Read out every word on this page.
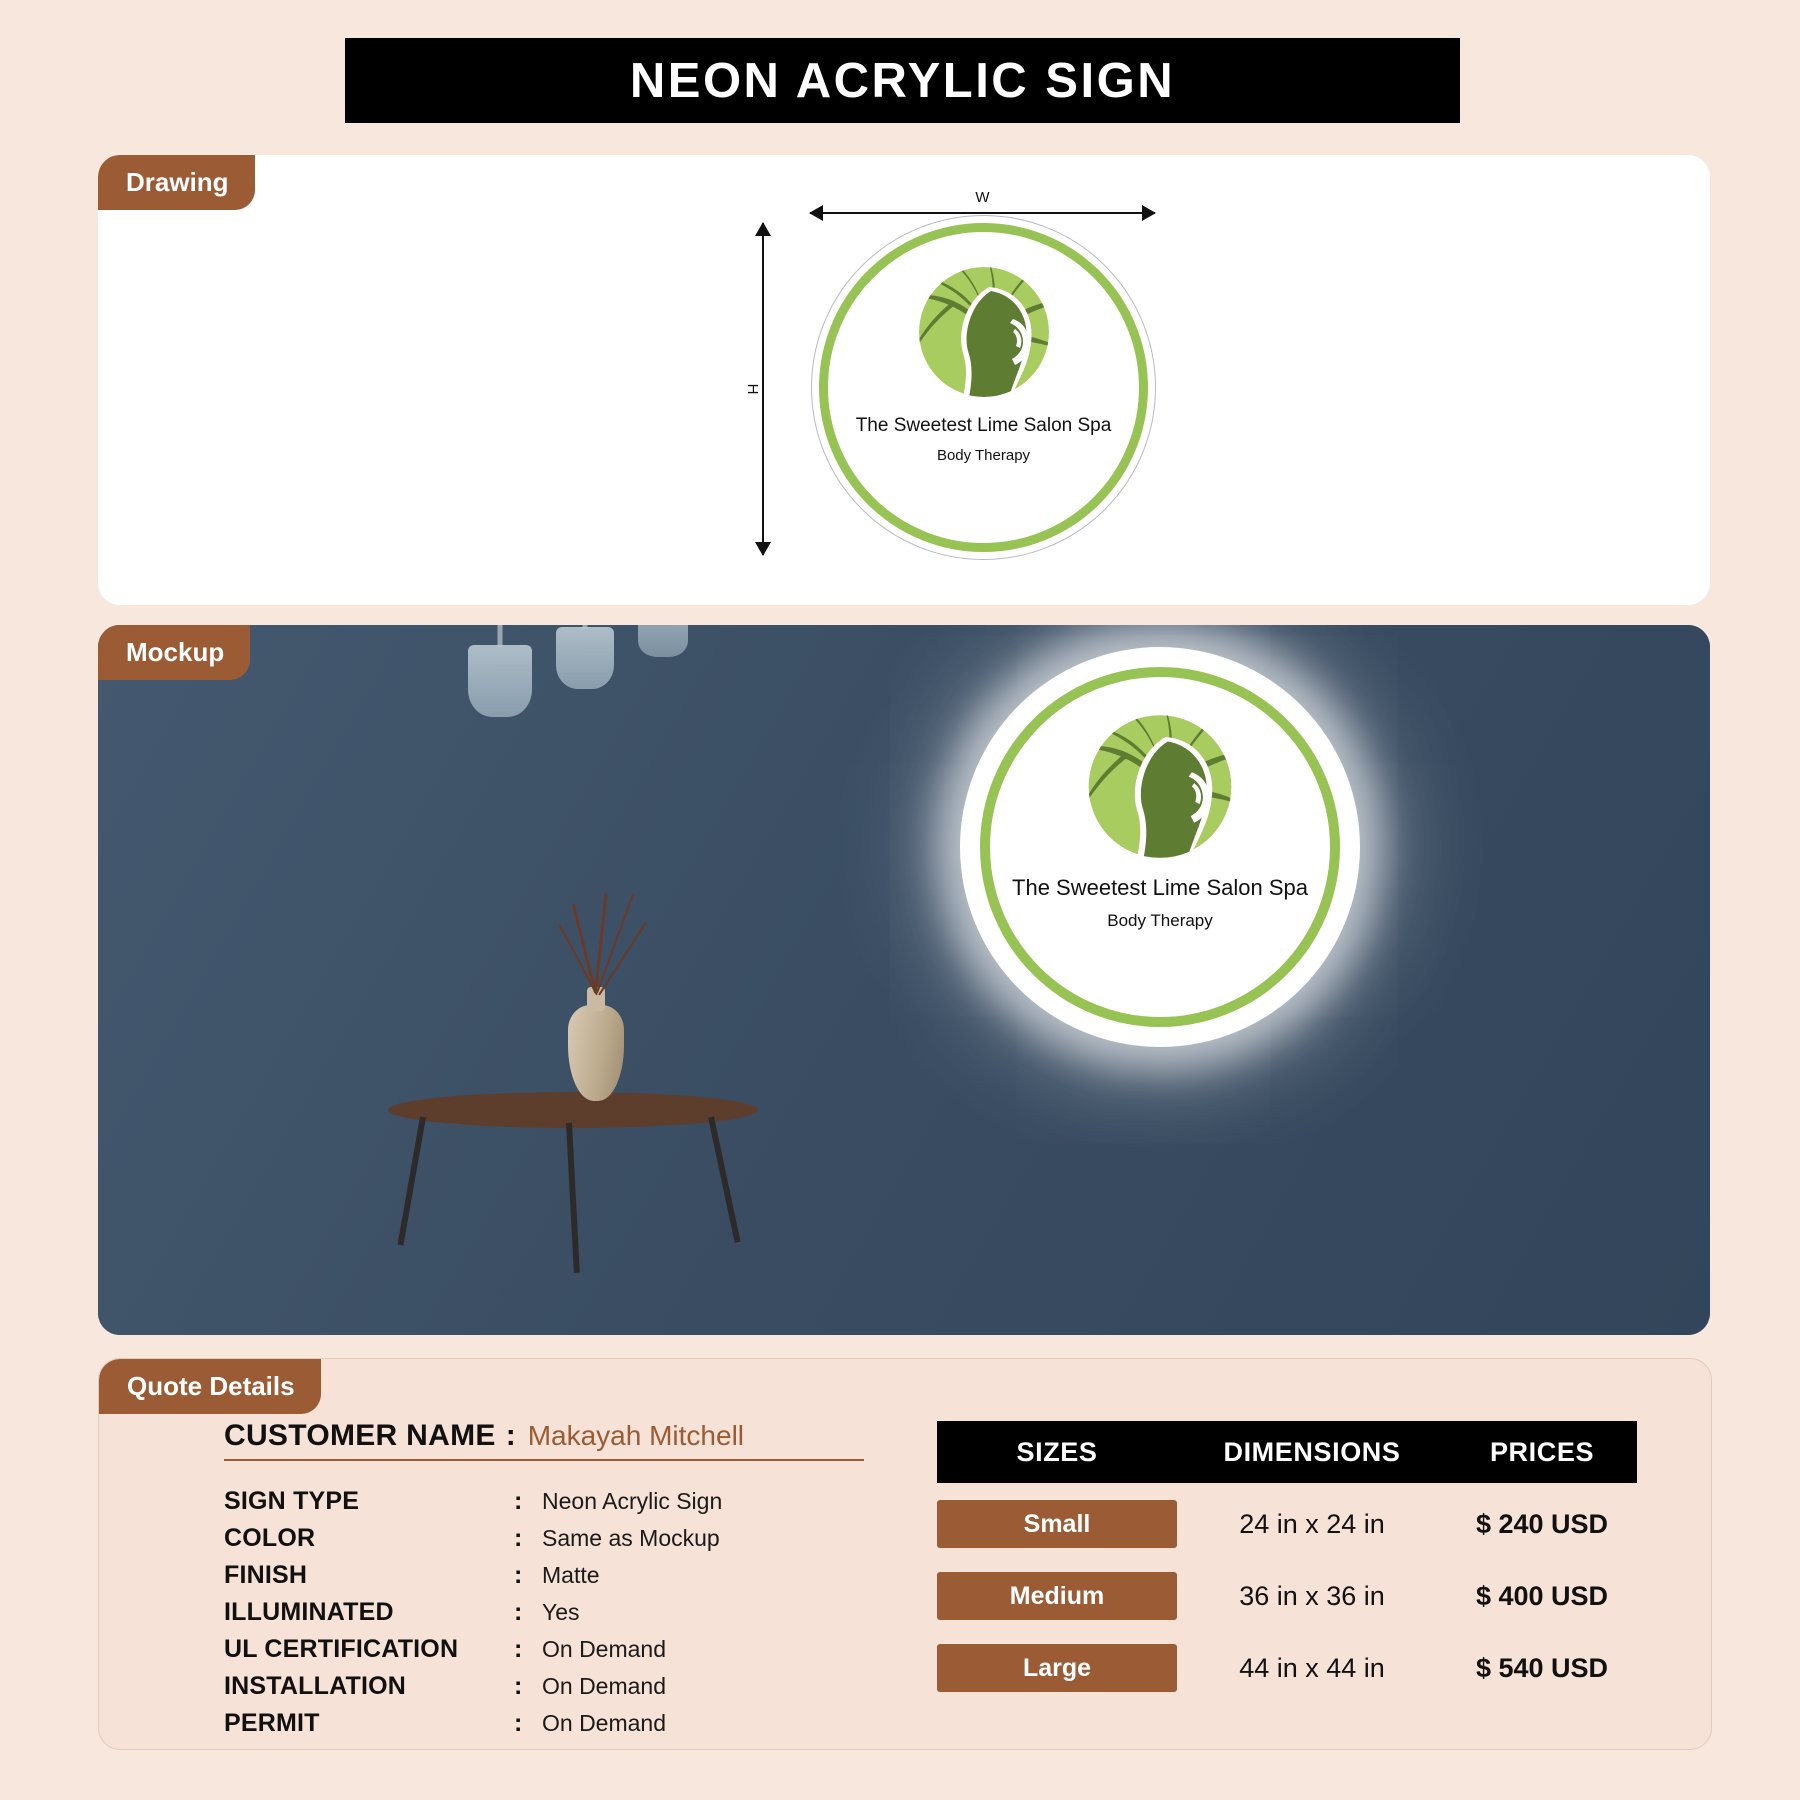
NEON ACRYLIC SIGN
Drawing
W
H
The Sweetest Lime Salon Spa
Body Therapy
Mockup
The Sweetest Lime Salon Spa
Body Therapy
Quote Details
CUSTOMER NAME : Makayah Mitchell
SIGN TYPE	: Neon Acrylic Sign
COLOR	: Same as Mockup
FINISH	: Matte
ILLUMINATED	: Yes
UL CERTIFICATION	: On Demand
INSTALLATION	: On Demand
PERMIT	: On Demand
SIZES	DIMENSIONS	PRICES
Small	24 in x 24 in	$ 240 USD
Medium	36 in x 36 in	$ 400 USD
Large	44 in x 44 in	$ 540 USD
